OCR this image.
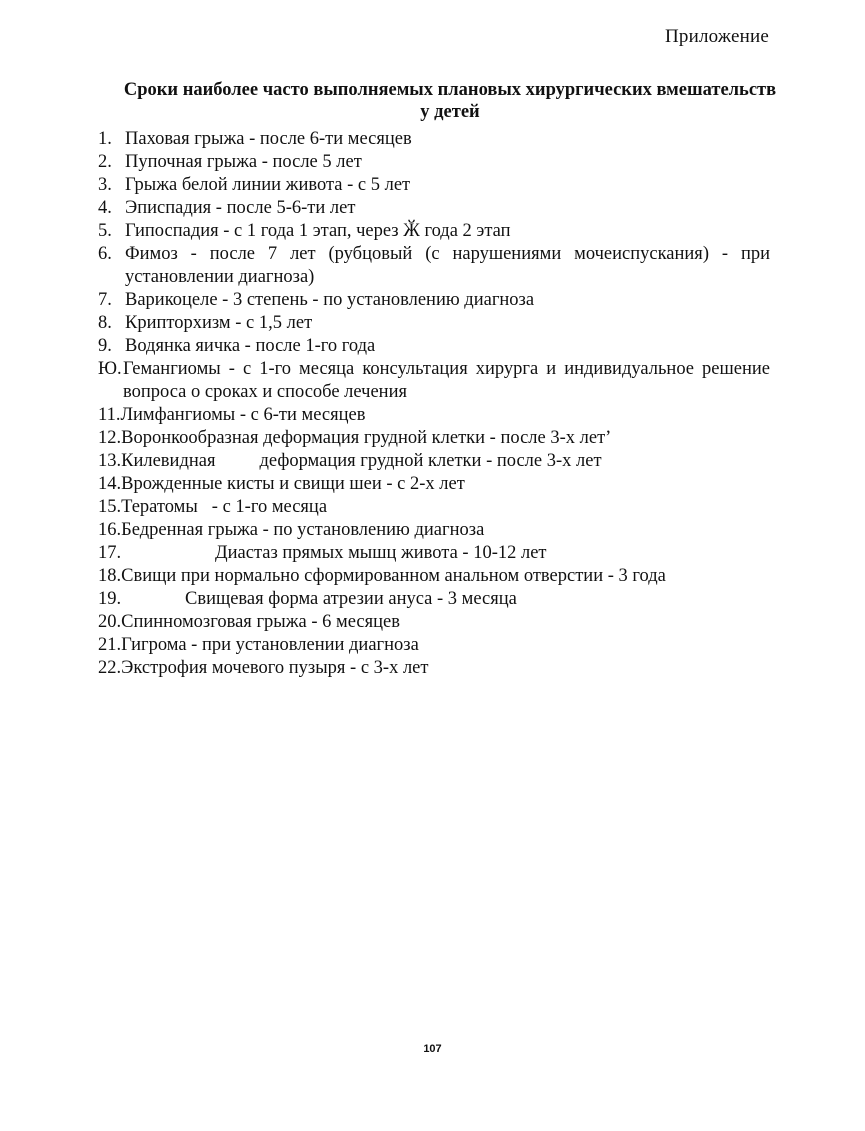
Приложение
Сроки наиболее часто выполняемых плановых хирургических вмешательств у детей
1. Паховая грыжа - после 6-ти месяцев
2. Пупочная грыжа - после 5 лет
3. Грыжа белой линии живота - с 5 лет
4. Эписпадия - после 5-6-ти лет
5. Гипоспадия - с 1 года 1 этап, через Ӂ года 2 этап
6. Фимоз - после 7 лет (рубцовый (с нарушениями мочеиспускания) - при установлении диагноза)
7. Варикоцеле - 3 степень - по установлению диагноза
8. Крипторхизм - с 1,5 лет
9. Водянка яичка - после 1-го года
Ю. Гемангиомы - с 1-го месяца консультация хирурга и индивидуальное решение вопроса о сроках и способе лечения
11. Лимфангиомы - с 6-ти месяцев
12. Воронкообразная деформация грудной клетки - после 3-х лет’
13. Килевидная деформация грудной клетки - после 3-х лет
14. Врожденные кисты и свищи шеи - с 2-х лет
15. Тератомы - с 1-го месяца
16. Бедренная грыжа - по установлению диагноза
17.	Диастаз прямых мышц живота - 10-12 лет
18. Свищи при нормально сформированном анальном отверстии - 3 года
19.	Свищевая форма атрезии ануса - 3 месяца
20. Спинномозговая грыжа - 6 месяцев
21. Гигрома - при установлении диагноза
22. Экстрофия мочевого пузыря - с 3-х лет
107
